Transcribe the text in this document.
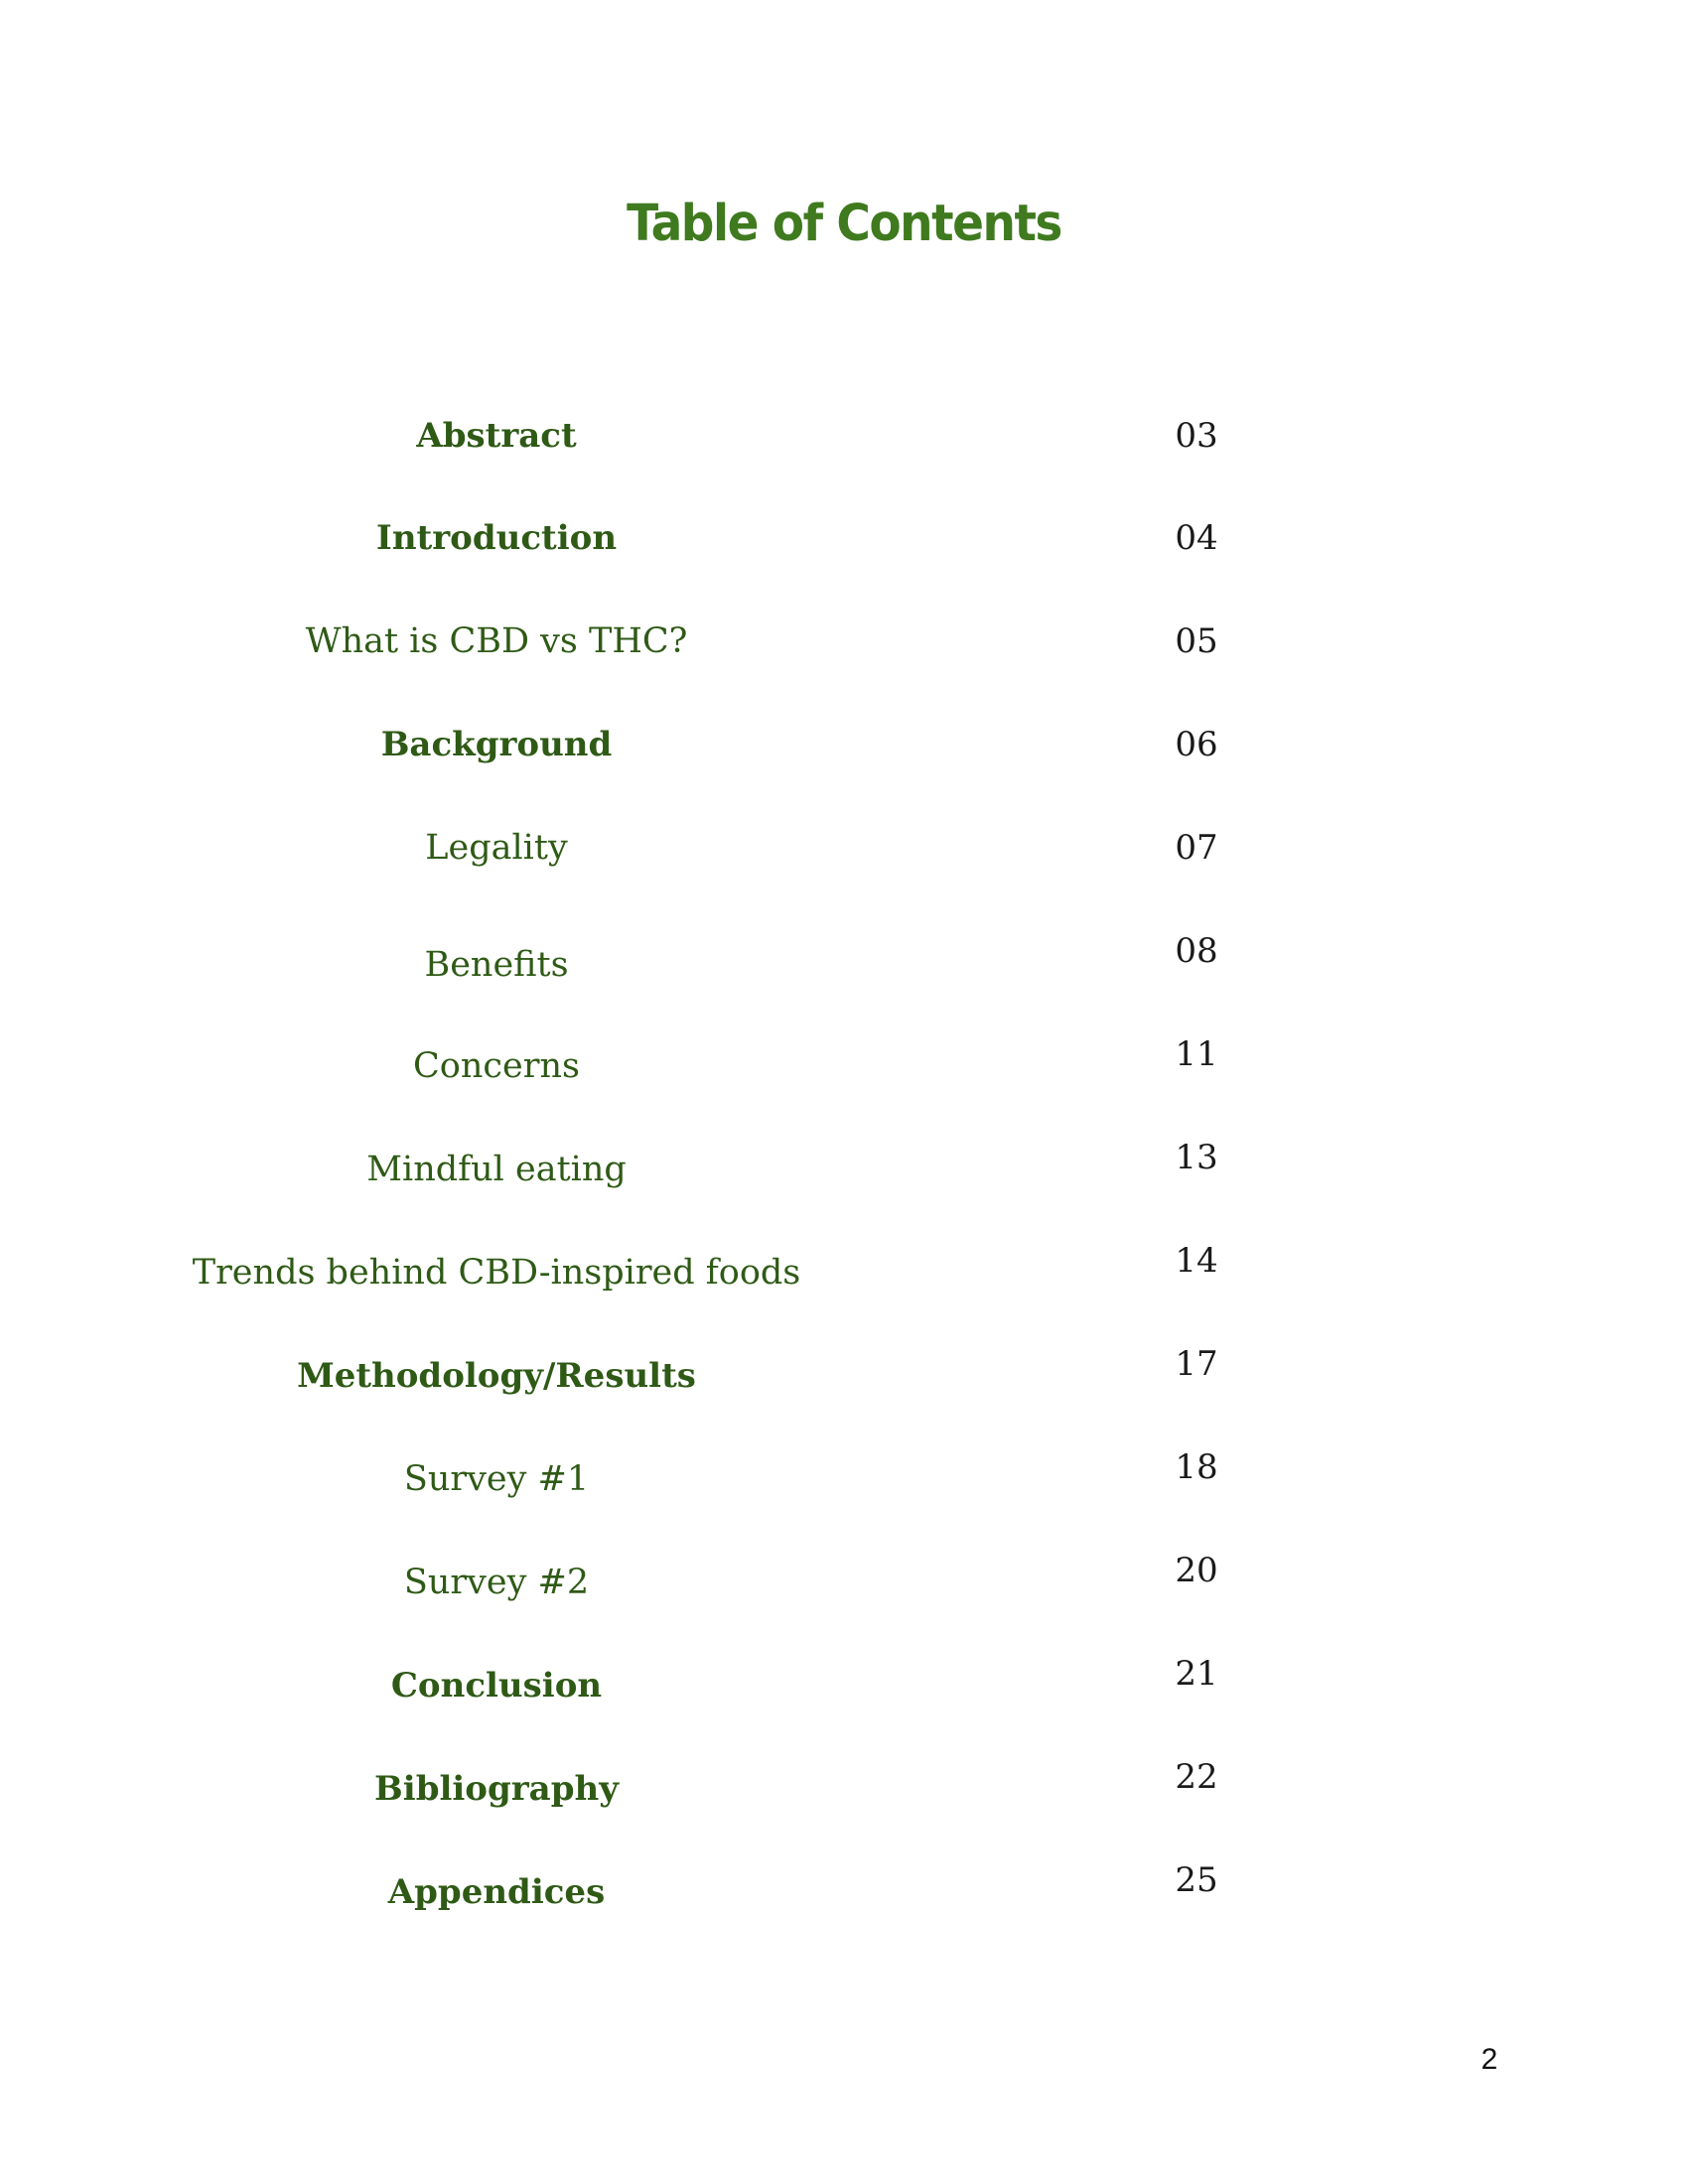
Table of Contents
Abstract	03
Introduction	04
What is CBD vs THC?	05
Background	06
Legality	07
Benefits	08
Concerns	11
Mindful eating	13
Trends behind CBD-inspired foods	14
Methodology/Results	17
Survey #1	18
Survey #2	20
Conclusion	21
Bibliography	22
Appendices	25
2
